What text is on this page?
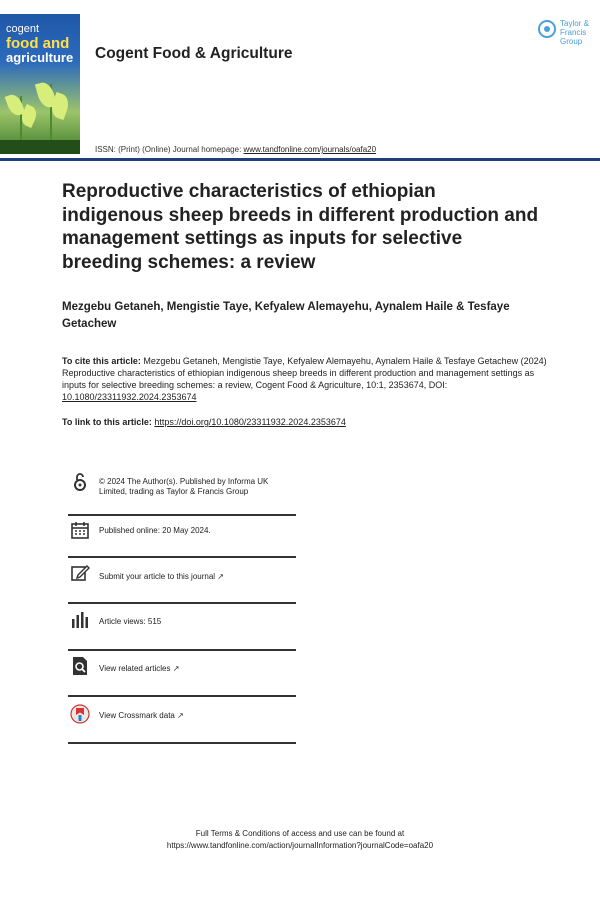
cogent
food and
agriculture Cogent Food & Agriculture
Taylor & Francis Group
ISSN: (Print) (Online) Journal homepage: www.tandfonline.com/journals/oafa20
Reproductive characteristics of ethiopian indigenous sheep breeds in different production and management settings as inputs for selective breeding schemes: a review
Mezgebu Getaneh, Mengistie Taye, Kefyalew Alemayehu, Aynalem Haile & Tesfaye Getachew
To cite this article: Mezgebu Getaneh, Mengistie Taye, Kefyalew Alemayehu, Aynalem Haile & Tesfaye Getachew (2024) Reproductive characteristics of ethiopian indigenous sheep breeds in different production and management settings as inputs for selective breeding schemes: a review, Cogent Food & Agriculture, 10:1, 2353674, DOI: 10.1080/23311932.2024.2353674
To link to this article: https://doi.org/10.1080/23311932.2024.2353674
© 2024 The Author(s). Published by Informa UK Limited, trading as Taylor & Francis Group
Published online: 20 May 2024.
Submit your article to this journal ↗
Article views: 515
View related articles ↗
View Crossmark data ↗
Full Terms & Conditions of access and use can be found at
https://www.tandfonline.com/action/journalInformation?journalCode=oafa20
